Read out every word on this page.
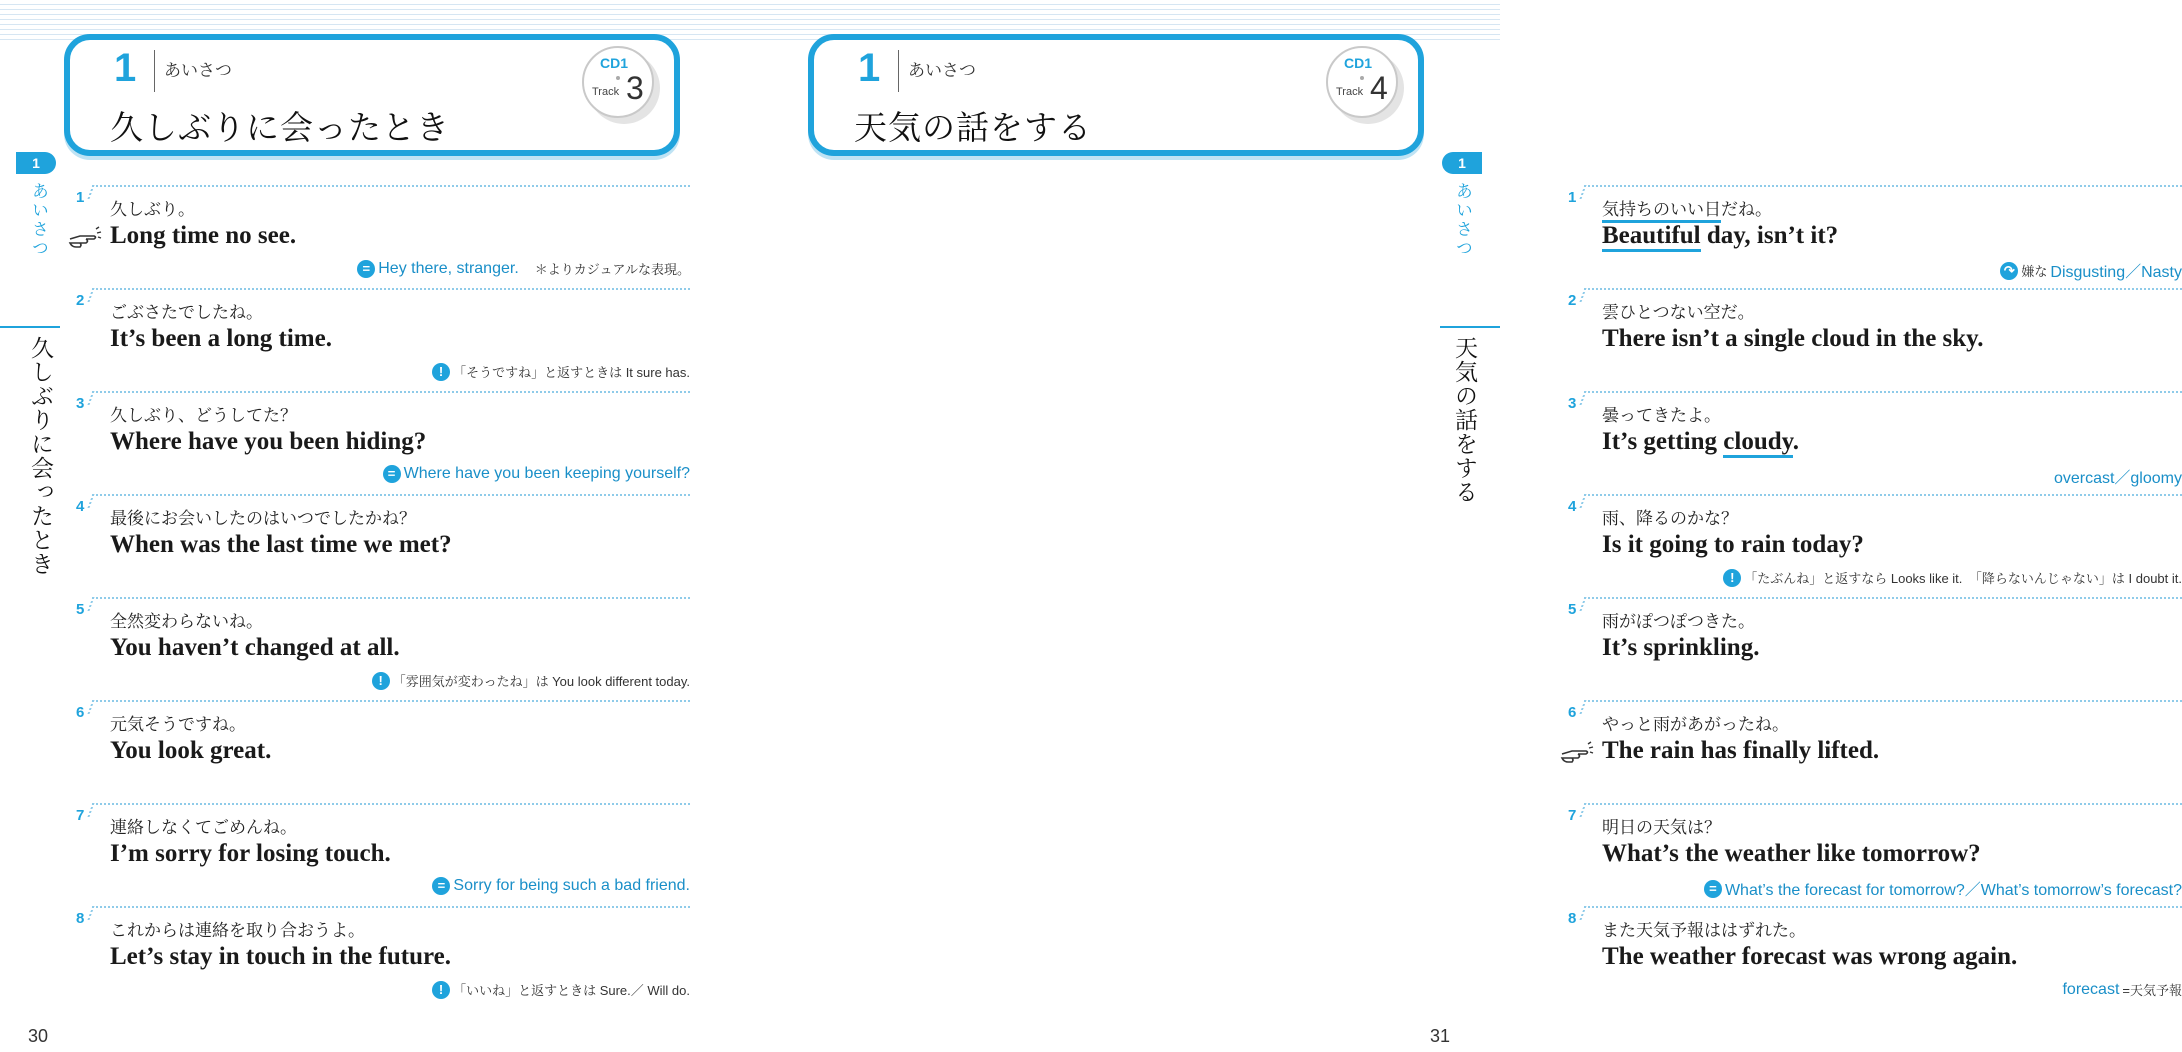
1 あいさつ
久しぶりに会ったとき
CD1
Track 3
1
あいさつ
久しぶりに会ったとき
30
1
久しぶり。
Long time no see.
= Hey there, stranger. 　＊よりカジュアルな表現。
2
ごぶさたでしたね。
It’s been a long time.
! 「そうですね」と返すときは It sure has.
3
久しぶり、どうしてた？
Where have you been hiding?
= Where have you been keeping yourself?
4
最後にお会いしたのはいつでしたかね？
When was the last time we met?
5
全然変わらないね。
You haven’t changed at all.
! 「雰囲気が変わったね」は You look different today.
6
元気そうですね。
You look great.
7
連絡しなくてごめんね。
I’m sorry for losing touch.
= Sorry for being such a bad friend.
8
これからは連絡を取り合おうよ。
Let’s stay in touch in the future.
! 「いいね」と返すときは Sure.／ Will do.
1 あいさつ
天気の話をする
CD1
Track 4
1
あいさつ
天気の話をする
31
1
気持ちのいい日だね。
Beautiful day, isn’t it?
↷ 嫌な Disgusting／Nasty
2
雲ひとつない空だ。
There isn’t a single cloud in the sky.
3
曇ってきたよ。
It’s getting cloudy.
overcast／gloomy
4
雨、降るのかな？
Is it going to rain today?
! 「たぶんね」と返すなら Looks like it.　「降らないんじゃない」は I doubt it.
5
雨がぽつぽつきた。
It’s sprinkling.
6
やっと雨があがったね。
The rain has finally lifted.
7
明日の天気は？
What’s the weather like tomorrow?
= What’s the forecast for tomorrow?／What’s tomorrow’s forecast?
8
また天気予報ははずれた。
The weather forecast was wrong again.
forecast =天気予報
